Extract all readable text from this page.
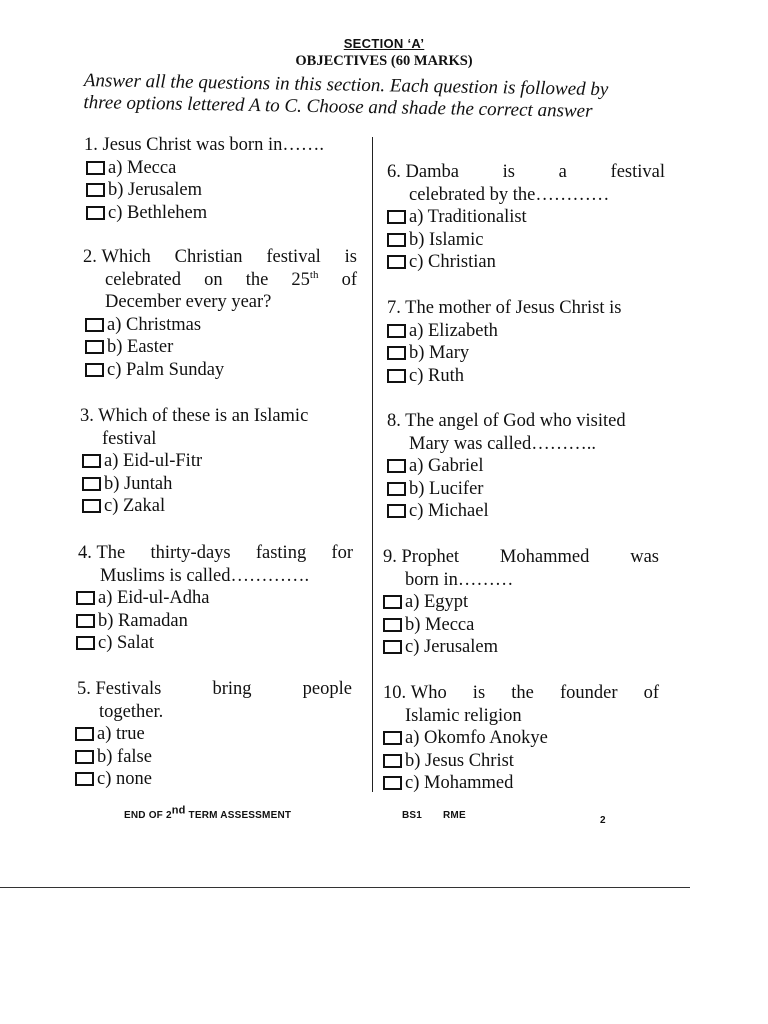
SECTION ‘A’
OBJECTIVES (60 MARKS)
Answer all the questions in this section. Each question is followed by
three options lettered A to C. Choose and shade the correct answer
1. Jesus Christ was born in…….
a) Mecca
b) Jerusalem
c) Bethlehem
2.
Which Christian festival is
celebrated on the 25th of
December every year?
a) Christmas
b) Easter
c) Palm Sunday
3. Which of these is an Islamic
festival
a) Eid-ul-Fitr
b) Juntah
c) Zakal
4.
The thirty-days fasting for
Muslims is called………….
a) Eid-ul-Adha
b) Ramadan
c) Salat
5.
Festivals bring people
together.
a) true
b) false
c) none
6.
Damba is a festival
celebrated by the…………
a) Traditionalist
b) Islamic
c) Christian
7. The mother of Jesus Christ is
a) Elizabeth
b) Mary
c) Ruth
8. The angel of God who visited
Mary was called………..
a) Gabriel
b) Lucifer
c) Michael
9.
Prophet Mohammed was
born in………
a) Egypt
b) Mecca
c) Jerusalem
10.
Who is the founder of
Islamic religion
a) Okomfo Anokye
b) Jesus Christ
c) Mohammed
END OF 2nd TERM ASSESSMENT	BS1 RME	2
